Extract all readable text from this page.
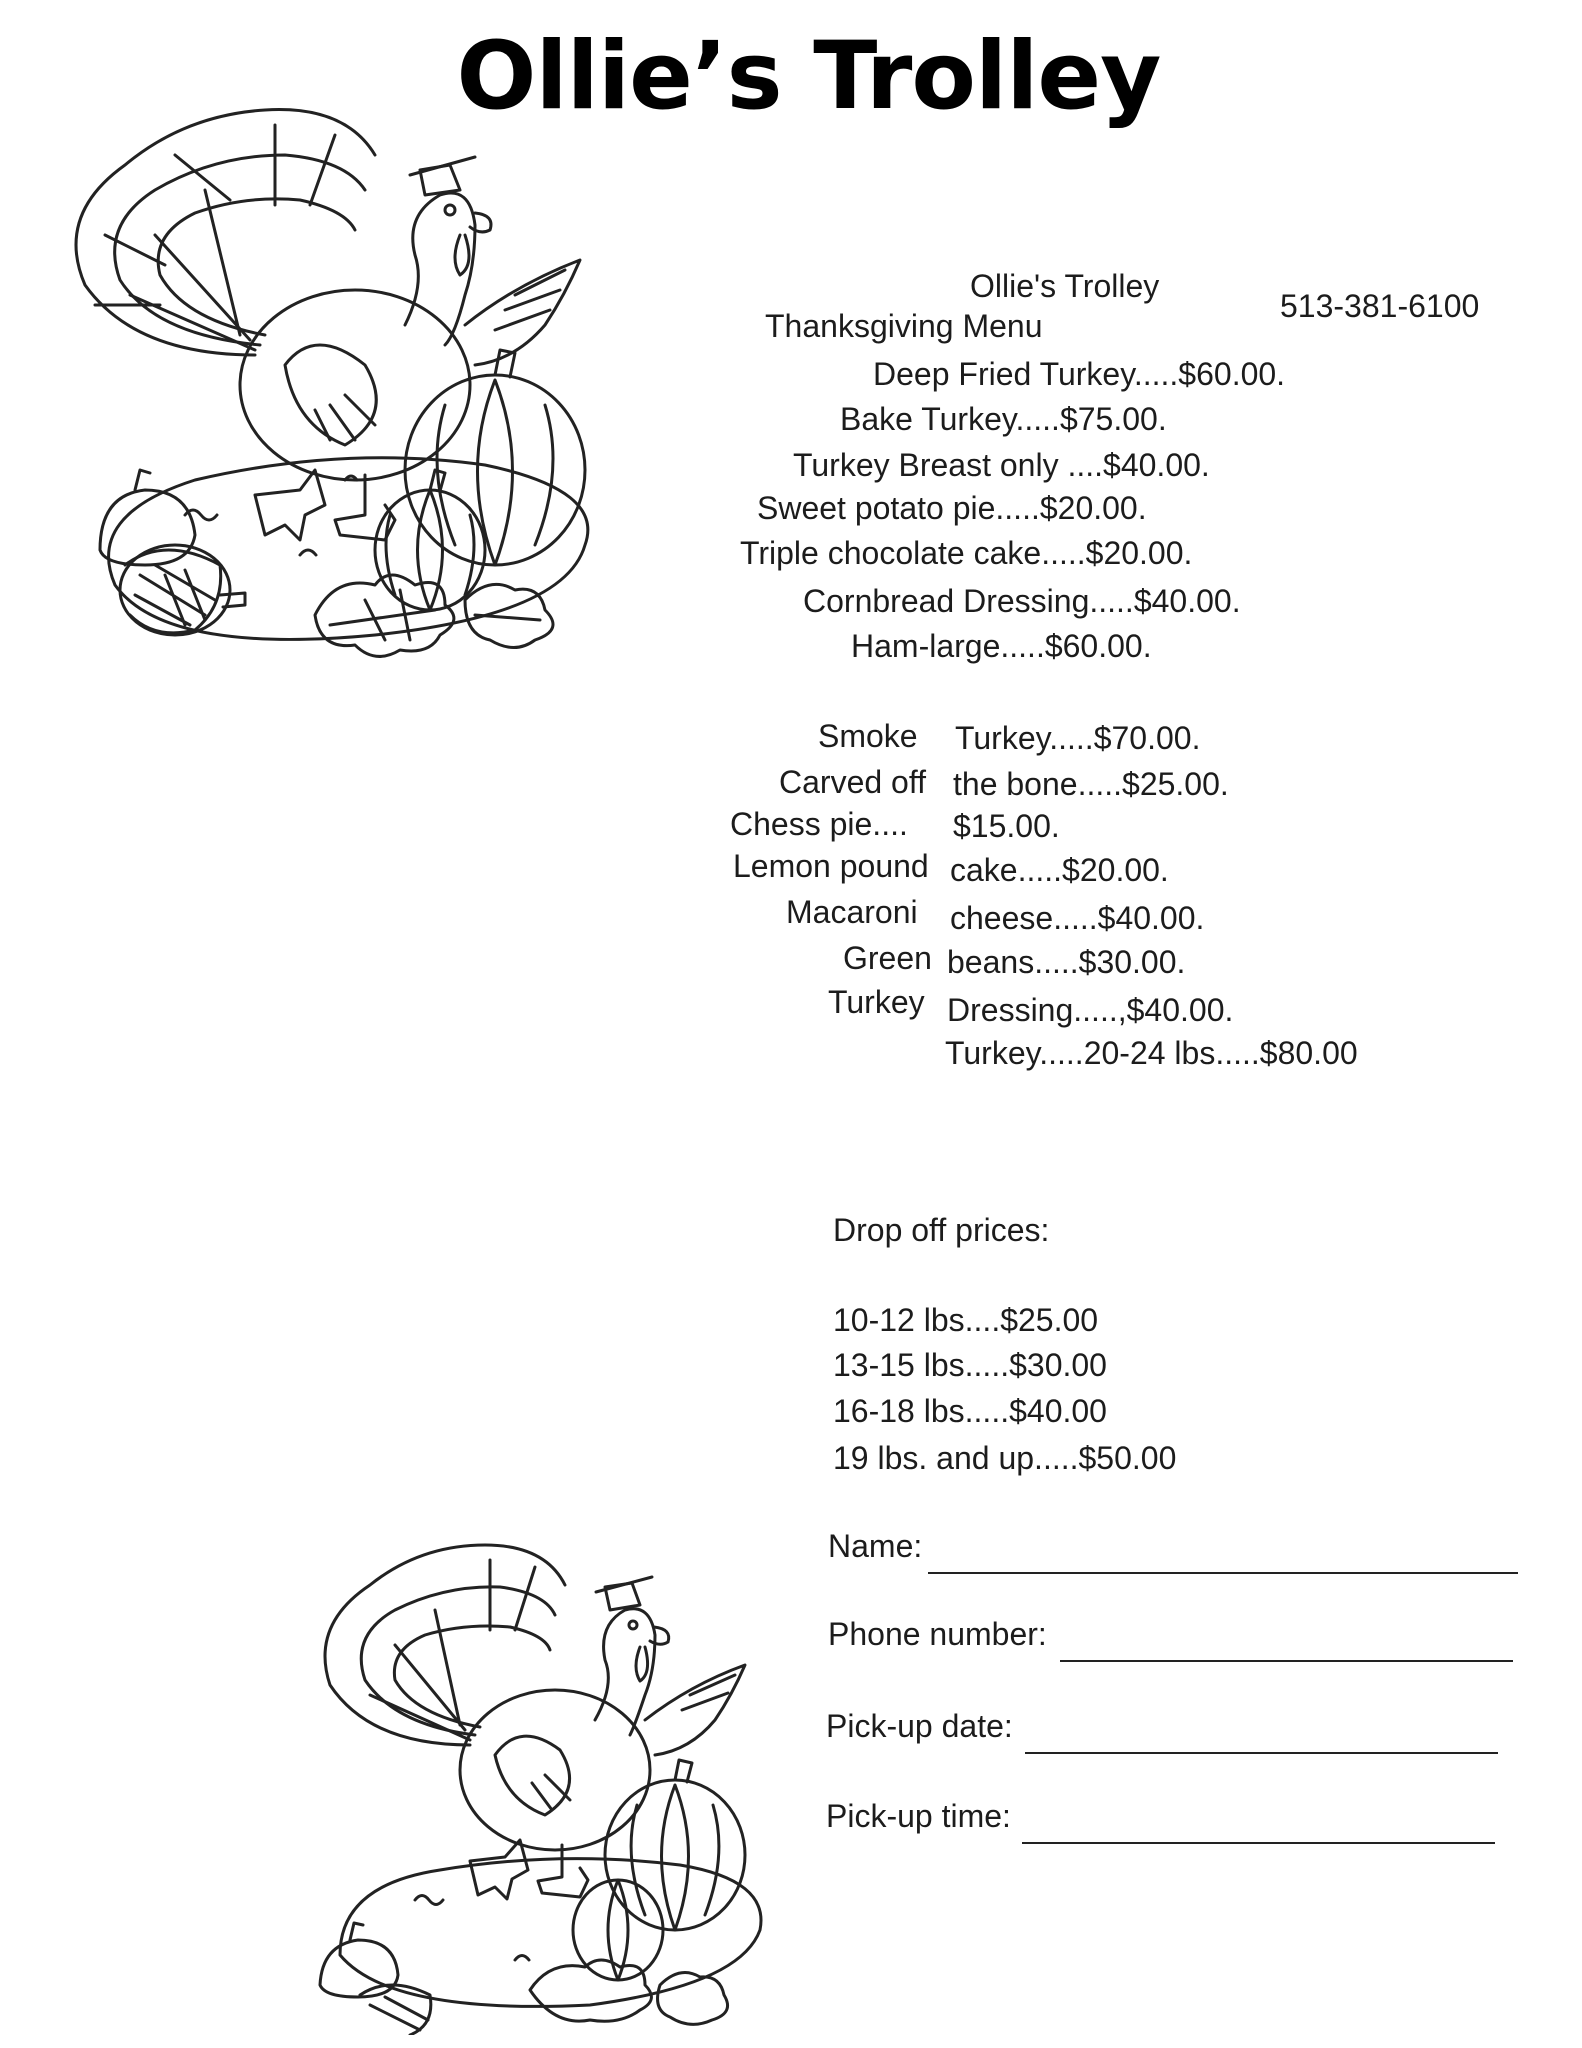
Ollie’s Trolley
Ollie's Trolley
513-381-6100
Thanksgiving Menu
Deep Fried Turkey.....$60.00.
Bake Turkey.....$75.00.
Turkey Breast only ....$40.00.
Sweet potato pie.....$20.00.
Triple chocolate cake.....$20.00.
Cornbread Dressing.....$40.00.
Ham-large.....$60.00.
Smoke Turkey.....$70.00.
Carved off the bone.....$25.00.
Chess pie.... $15.00.
Lemon pound cake.....$20.00.
Macaroni cheese.....$40.00.
Green beans.....$30.00.
Turkey Dressing.....,$40.00.
Turkey.....20-24 lbs.....$80.00
Drop off prices:
10-12 lbs....$25.00
13-15 lbs.....$30.00
16-18 lbs.....$40.00
19 lbs. and up.....$50.00
Name:
Phone number:
Pick-up date:
Pick-up time:
